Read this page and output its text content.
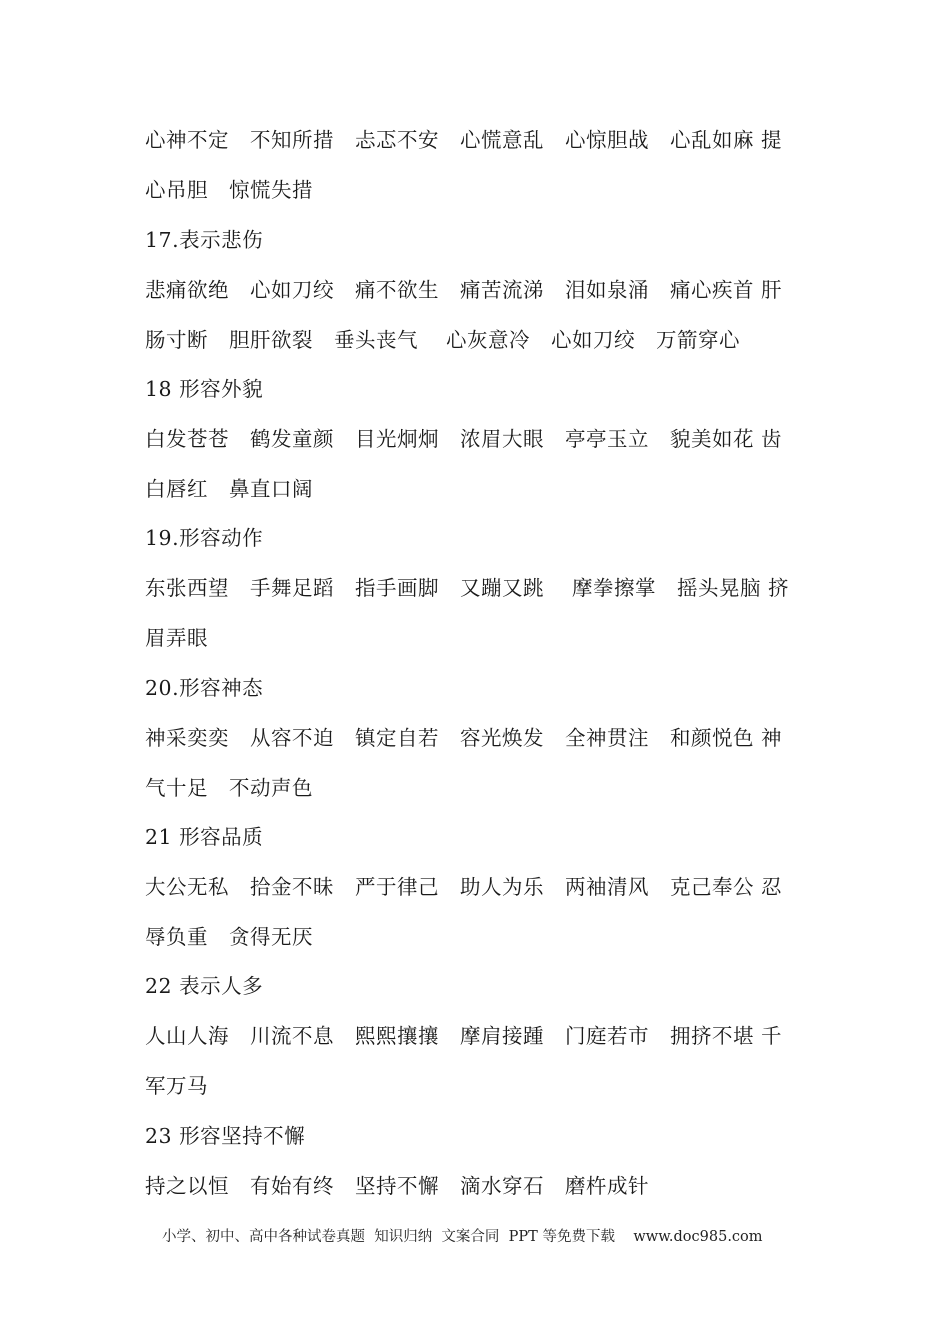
心神不定　不知所措　忐忑不安　心慌意乱　心惊胆战　心乱如麻 提
心吊胆　惊慌失措
17.表示悲伤
悲痛欲绝　心如刀绞　痛不欲生　痛苦流涕　泪如泉涌　痛心疾首 肝
肠寸断　胆肝欲裂　垂头丧气 　心灰意冷　心如刀绞　万箭穿心
18 形容外貌
白发苍苍　鹤发童颜　目光炯炯　浓眉大眼　亭亭玉立　貌美如花 齿
白唇红　鼻直口阔
19.形容动作
东张西望　手舞足蹈　指手画脚　又蹦又跳 　摩拳擦掌　摇头晃脑 挤
眉弄眼
20.形容神态
神采奕奕　从容不迫　镇定自若　容光焕发　全神贯注　和颜悦色 神
气十足　不动声色
21 形容品质
大公无私　拾金不昧　严于律己　助人为乐　两袖清风　克己奉公 忍
辱负重　贪得无厌
22 表示人多
人山人海　川流不息　熙熙攘攘　摩肩接踵　门庭若市　拥挤不堪 千
军万马
23 形容坚持不懈
持之以恒　有始有终　坚持不懈　滴水穿石　磨杵成针
小学、初中、高中各种试卷真题  知识归纳  文案合同  PPT 等免费下载    www.doc985.com
